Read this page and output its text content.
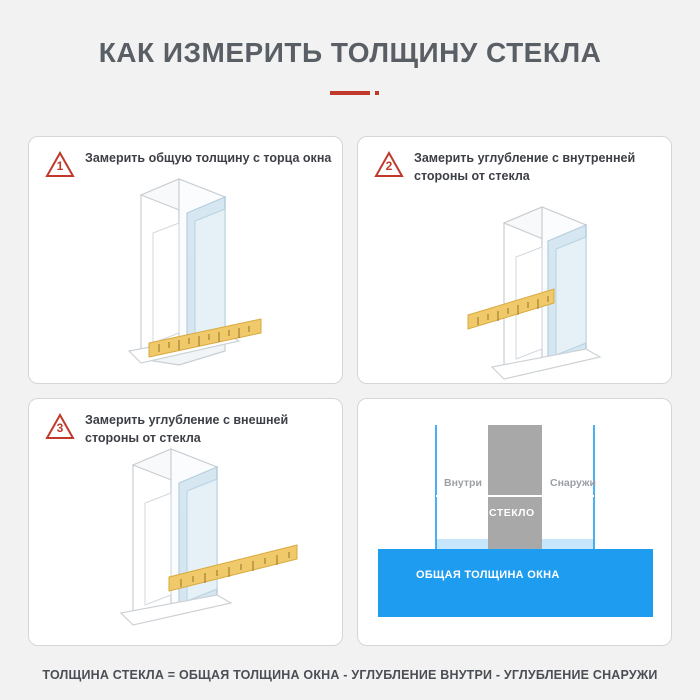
КАК ИЗМЕРИТЬ ТОЛЩИНУ СТЕКЛА
1
Замерить общую толщину с торца окна
2
Замерить углубление с внутренней стороны от стекла
3
Замерить углубление с внешней стороны от стекла
Внутри	Снаружи
СТЕКЛО
ОБЩАЯ ТОЛЩИНА ОКНА
ТОЛЩИНА СТЕКЛА = ОБЩАЯ ТОЛЩИНА ОКНА - УГЛУБЛЕНИЕ ВНУТРИ - УГЛУБЛЕНИЕ СНАРУЖИ
